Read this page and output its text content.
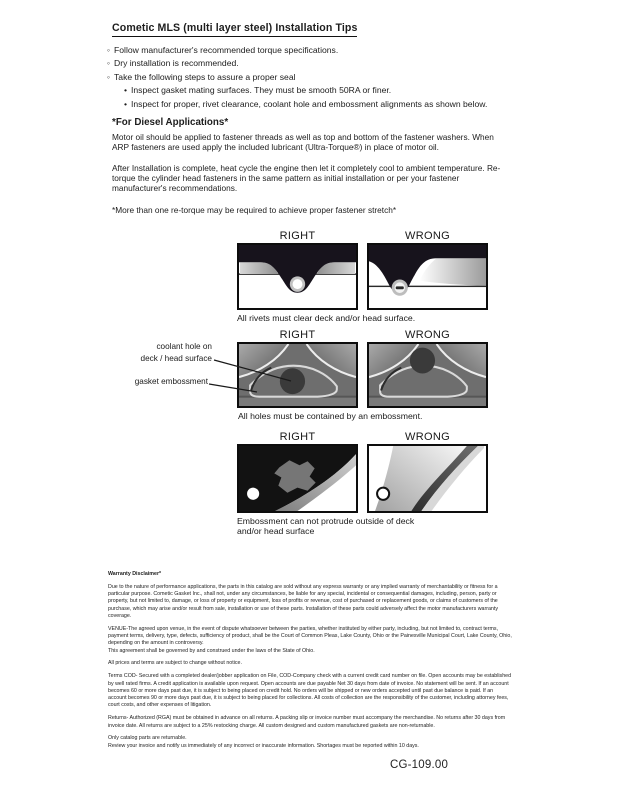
Cometic MLS (multi layer steel) Installation Tips
◦ Follow manufacturer's recommended torque specifications.
◦ Dry installation is recommended.
◦ Take the following steps to assure a proper seal
• Inspect gasket mating surfaces. They must be smooth 50RA or finer.
• Inspect for proper, rivet clearance, coolant hole and embossment alignments as shown below.
*For Diesel Applications*
Motor oil should be applied to fastener threads as well as top and bottom of the fastener washers. When ARP fasteners are used apply the included lubricant (Ultra-Torque®) in place of motor oil.
After Installation is complete, heat cycle the engine then let it completely cool to ambient temperature. Re-torque the cylinder head fasteners in the same pattern as initial installation or per your fastener manufacturer's recommendations.
*More than one re-torque may be required to achieve proper fastener stretch*
RIGHT	WRONG
All rivets must clear deck and/or head surface.
RIGHT	WRONG
coolant hole on
deck / head surface
gasket embossment
All holes must be contained by an embossment.
RIGHT	WRONG
Embossment can not protrude outside of deck
and/or head surface

Warranty Disclaimer*

Due to the nature of performance applications, the parts in this catalog are sold without any express warranty or any implied warranty of merchantability or fitness for a particular purpose. Cometic Gasket Inc., shall not, under any circumstances, be liable for any special, incidental or consequential damages, including, person, party or property, but not limited to, damage, or loss of property or equipment, loss of profits or revenue, cost of purchased or replacement goods, or claims of customers of the purchase, which may arise and/or result from sale, installation or use of these parts. Installation of these parts could adversely affect the motor manufacturers warranty coverage.

VENUE-The agreed upon venue, in the event of dispute whatsoever between the parties, whether instituted by either party, including, but not limited to, contract terms, payment terms, delivery, type, defects, sufficiency of product, shall be the Court of Common Pleas, Lake County, Ohio or the Painesville Municipal Court, Lake County, Ohio, depending on the amount in controversy.

This agreement shall be governed by and construed under the laws of the State of Ohio.

All prices and terms are subject to change without notice.

Terms COD- Secured with a completed dealer/jobber application on File, COD-Company check with a current credit card number on file. Open accounts may be established by well rated firms. A credit application is available upon request. Open accounts are due payable Net 30 days from date of invoice. No statement will be sent. If an account becomes 60 or more days past due, it is subject to being placed on credit hold. No orders will be shipped or new orders accepted until past due balance is paid. If an account becomes 90 or more days past due, it is subject to being placed for collections. All costs of collection are the responsibility of the customer, including attorney fees, court costs, and other expenses of litigation.

Returns- Authorized (RGA) must be obtained in advance on all returns. A packing slip or invoice number must accompany the merchandise. No returns after 30 days from invoice date. All returns are subject to a 25% restocking charge. All custom designed and custom manufactured gaskets are non-returnable.

Only catalog parts are returnable.

Review your invoice and notify us immediately of any incorrect or inaccurate information. Shortages must be reported within 10 days.

CG-109.00
